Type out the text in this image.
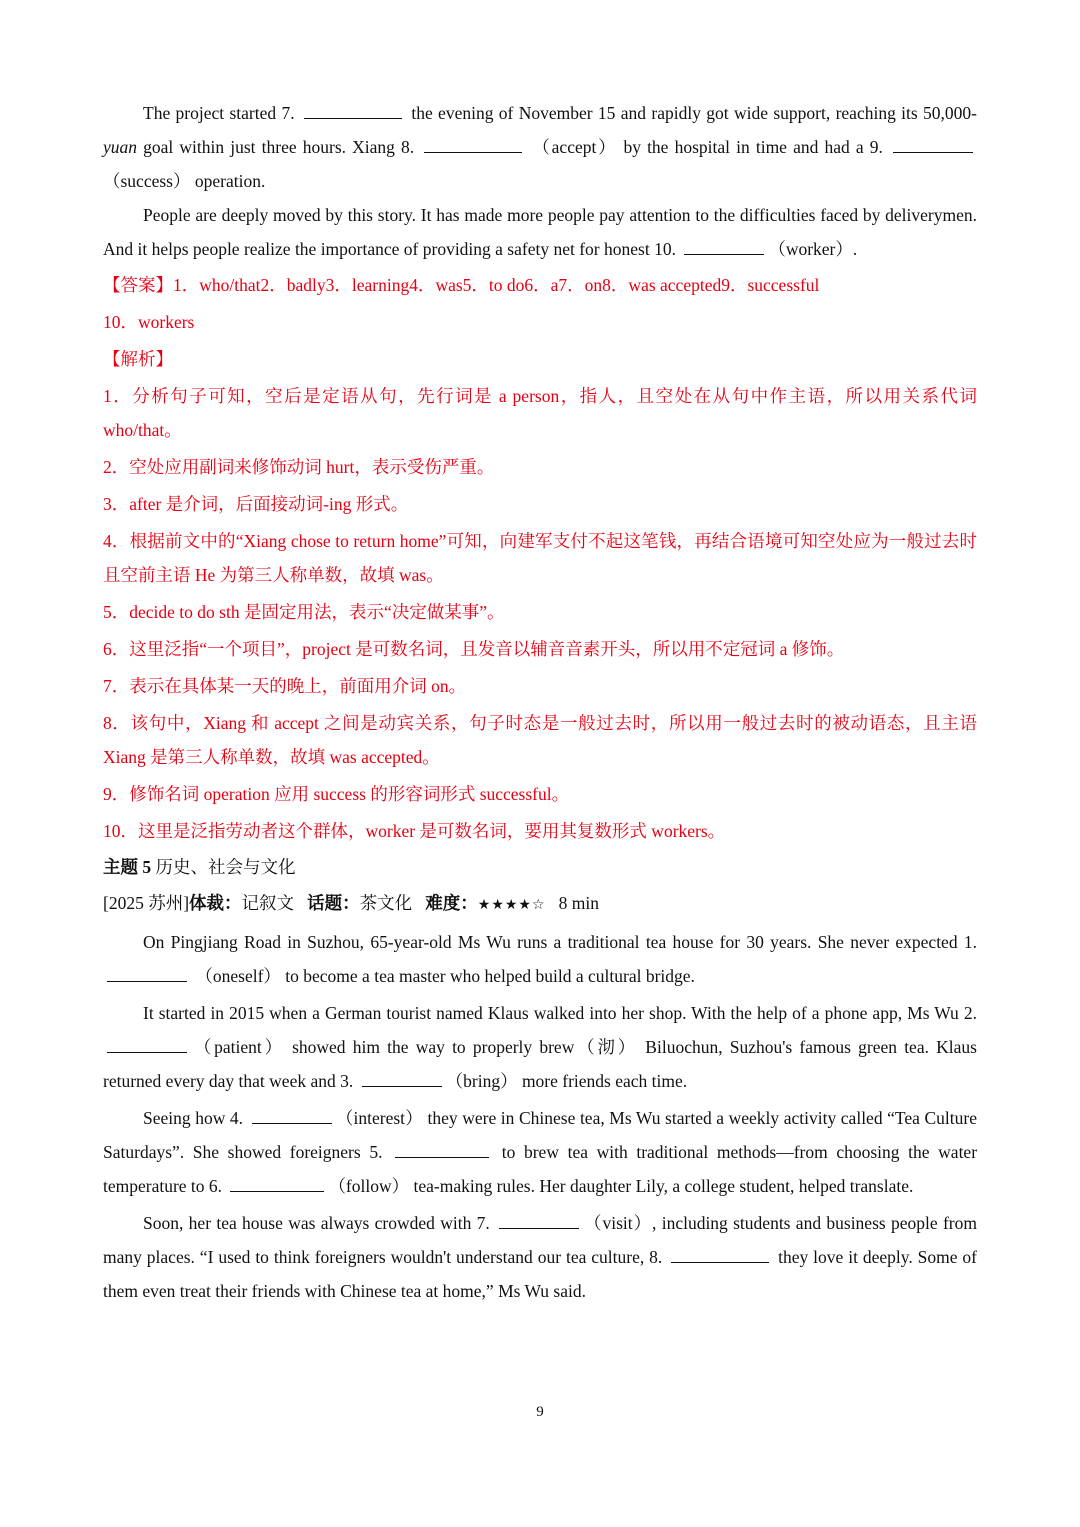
The project started 7.	the evening of November 15 and rapidly got wide support, reaching its 50,000-yuan goal within just three hours. Xiang 8.	（accept） by the hospital in time and had a 9. （success） operation.

People are deeply moved by this story. It has made more people pay attention to the difficulties faced by deliverymen. And it helps people realize the importance of providing a safety net for honest 10.	（worker）.

【答案】1．who/that2．badly3．learning4．was5．to do6．a7．on8．was accepted9．successful

10．workers

【解析】

1．分析句子可知，空后是定语从句，先行词是 a person，指人，且空处在从句中作主语，所以用关系代词 who/that。

2．空处应用副词来修饰动词 hurt，表示受伤严重。

3．after 是介词，后面接动词-ing 形式。

4．根据前文中的“Xiang chose to return home”可知，向建军支付不起这笔钱，再结合语境可知空处应为一般过去时且空前主语 He 为第三人称单数，故填 was。

5．decide to do sth 是固定用法，表示“决定做某事”。

6．这里泛指“一个项目”，project 是可数名词，且发音以辅音音素开头，所以用不定冠词 a 修饰。

7．表示在具体某一天的晚上，前面用介词 on。

8．该句中，Xiang 和 accept 之间是动宾关系，句子时态是一般过去时，所以用一般过去时的被动语态，且主语 Xiang 是第三人称单数，故填 was accepted。

9．修饰名词 operation 应用 success 的形容词形式 successful。

10．这里是泛指劳动者这个群体，worker 是可数名词，要用其复数形式 workers。

主题 5 历史、社会与文化

[2025 苏州]体裁：记叙文 话题：茶文化 难度：★★★★☆ 8 min

On Pingjiang Road in Suzhou, 65-year-old Ms Wu runs a traditional tea house for 30 years. She never expected 1.  （oneself） to become a tea master who helped build a cultural bridge.

It started in 2015 when a German tourist named Klaus walked into her shop. With the help of a phone app, Ms Wu 2. （patient） showed him the way to properly brew（沏） Biluochun, Suzhou's famous green tea. Klaus returned every day that week and 3.	（bring） more friends each time.

Seeing how 4.	（interest） they were in Chinese tea, Ms Wu started a weekly activity called “Tea Culture Saturdays”. She showed foreigners 5.	to brew tea with traditional methods—from choosing the water temperature to 6.	（follow） tea-making rules. Her daughter Lily, a college student, helped translate.

Soon, her tea house was always crowded with 7.	（visit）, including students and business people from many places. “I used to think foreigners wouldn't understand our tea culture, 8.	they love it deeply. Some of them even treat their friends with Chinese tea at home,” Ms Wu said.

9
